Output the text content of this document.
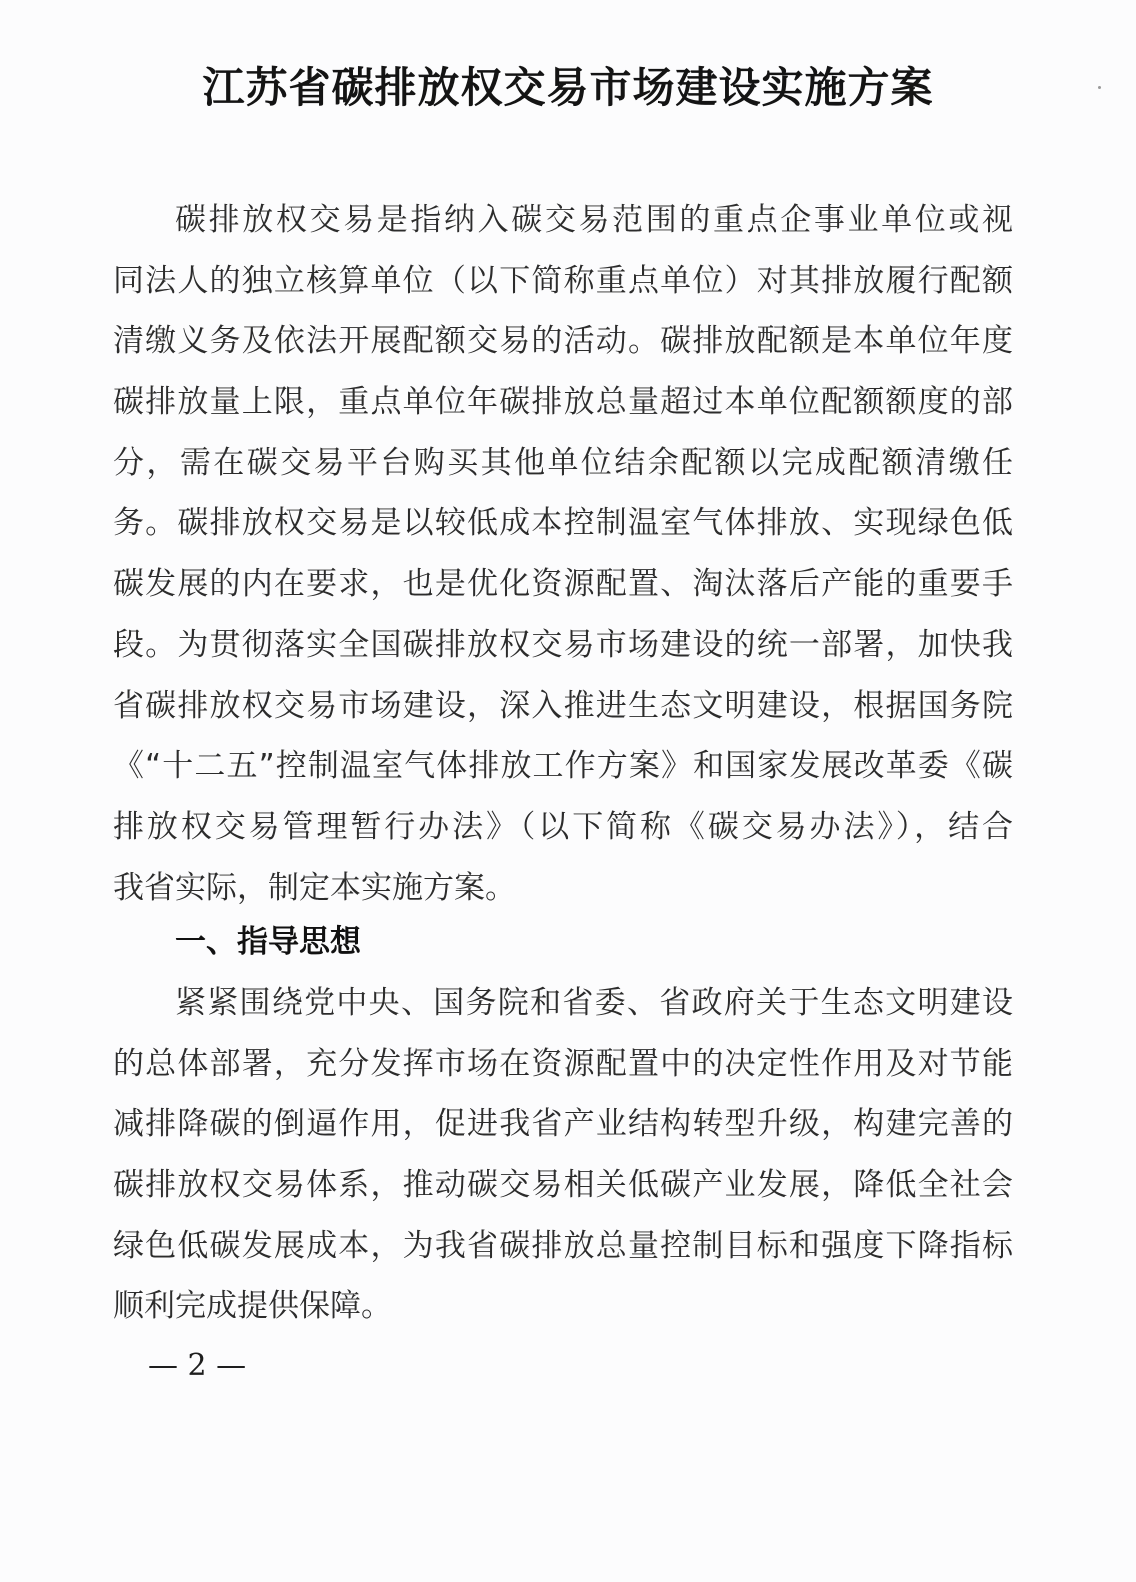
江苏省碳排放权交易市场建设实施方案
碳排放权交易是指纳入碳交易范围的重点企事业单位或视
同法人的独立核算单位（以下简称重点单位）对其排放履行配额
清缴义务及依法开展配额交易的活动。碳排放配额是本单位年度
碳排放量上限，重点单位年碳排放总量超过本单位配额额度的部
分，需在碳交易平台购买其他单位结余配额以完成配额清缴任
务。碳排放权交易是以较低成本控制温室气体排放、实现绿色低
碳发展的内在要求，也是优化资源配置、淘汰落后产能的重要手
段。为贯彻落实全国碳排放权交易市场建设的统一部署，加快我
省碳排放权交易市场建设，深入推进生态文明建设，根据国务院
《“十二五”控制温室气体排放工作方案》和国家发展改革委《碳
排放权交易管理暂行办法》（以下简称《碳交易办法》），结合
我省实际，制定本实施方案。
一、指导思想
紧紧围绕党中央、国务院和省委、省政府关于生态文明建设
的总体部署，充分发挥市场在资源配置中的决定性作用及对节能
减排降碳的倒逼作用，促进我省产业结构转型升级，构建完善的
碳排放权交易体系，推动碳交易相关低碳产业发展，降低全社会
绿色低碳发展成本，为我省碳排放总量控制目标和强度下降指标
顺利完成提供保障。
— 2 —
